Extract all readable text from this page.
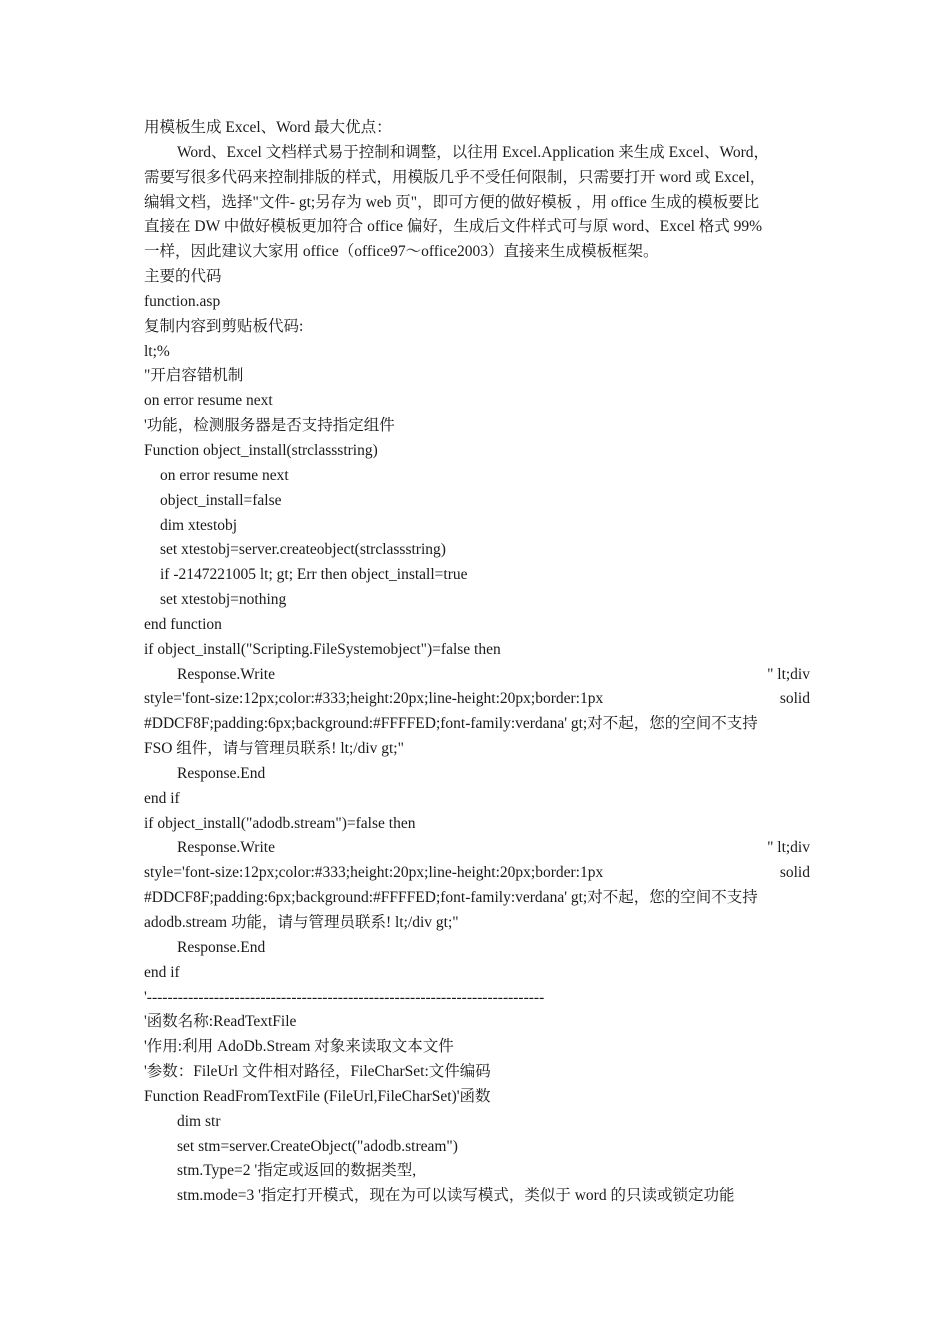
用模板生成 Excel、Word 最大优点：
Word、Excel 文档样式易于控制和调整，以往用 Excel.Application 来生成 Excel、Word，
需要写很多代码来控制排版的样式，用模版几乎不受任何限制，只需要打开 word 或 Excel，
编辑文档，选择"文件- gt;另存为 web 页"，即可方便的做好模板 ，用 office 生成的模板要比
直接在 DW 中做好模板更加符合 office 偏好，生成后文件样式可与原 word、Excel 格式 99%
一样，因此建议大家用 office（office97～office2003）直接来生成模板框架。
主要的代码
function.asp
复制内容到剪贴板代码:
lt;%
"开启容错机制
on error resume next
'功能，检测服务器是否支持指定组件
Function object_install(strclassstring)
on error resume next
object_install=false
dim xtestobj
set xtestobj=server.createobject(strclassstring)
if -2147221005 lt; gt; Err then object_install=true
set xtestobj=nothing
end function
if object_install("Scripting.FileSystemobject")=false then
Response.Write	" lt;div
style='font-size:12px;color:#333;height:20px;line-height:20px;border:1px	solid
#DDCF8F;padding:6px;background:#FFFFED;font-family:verdana' gt;对不起，您的空间不支持
FSO 组件，请与管理员联系! lt;/div gt;"
Response.End
end if
if object_install("adodb.stream")=false then
Response.Write	" lt;div
style='font-size:12px;color:#333;height:20px;line-height:20px;border:1px	solid
#DDCF8F;padding:6px;background:#FFFFED;font-family:verdana' gt;对不起，您的空间不支持
adodb.stream 功能，请与管理员联系! lt;/div gt;"
Response.End
end if
'-----------------------------------------------------------------------------
'函数名称:ReadTextFile
'作用:利用 AdoDb.Stream 对象来读取文本文件
'参数：FileUrl 文件相对路径，FileCharSet:文件编码
Function ReadFromTextFile (FileUrl,FileCharSet)'函数
dim str
set stm=server.CreateObject("adodb.stream")
stm.Type=2 '指定或返回的数据类型,
stm.mode=3 '指定打开模式，现在为可以读写模式，类似于 word 的只读或锁定功能
